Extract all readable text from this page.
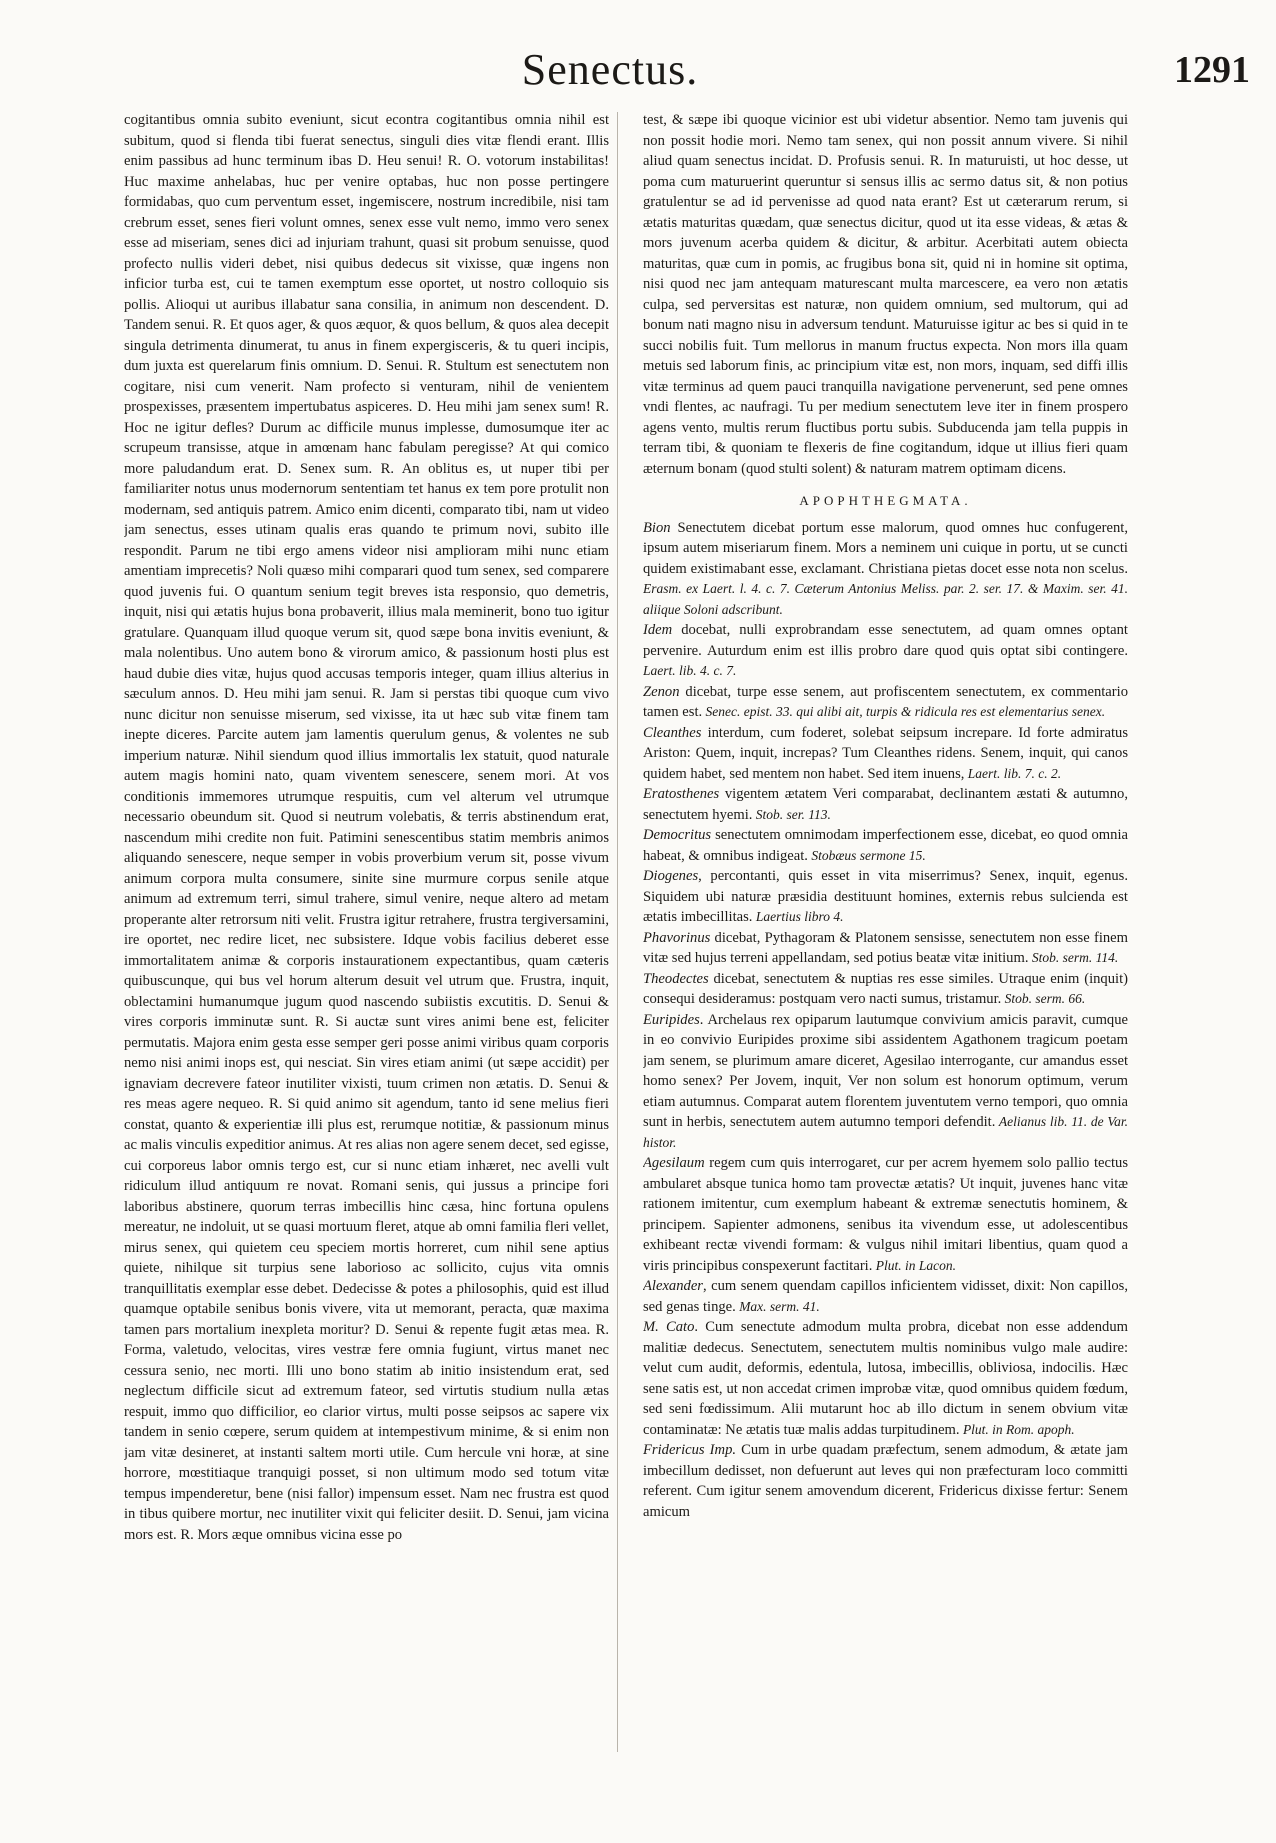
Senectus.	1291

cogitantibus omnia subito eveniunt, sicut econtra cogitantibus omnia nihil est subitum, quod si flenda tibi fuerat senectus, singuli dies vitæ flendi erant. Illis enim passibus ad hunc terminum ibas D. Heu senui! R. O. votorum instabilitas! Huc maxime anhelabas, huc per venire optabas, huc non posse pertingere formidabas, quo cum perventum esset, ingemiscere, nostrum incredibile, nisi tam crebrum esset, senes fieri volunt omnes, senex esse vult nemo, immo vero senex esse ad miseriam, senes dici ad injuriam trahunt, quasi sit probum senuisse, quod profecto nullis videri debet, nisi quibus dedecus sit vixisse, quæ ingens non inficior turba est, cui te tamen exemptum esse oportet, ut nostro colloquio sis pollis. Alioqui ut auribus illabatur sana consilia, in animum non descendent. D. Tandem senui. R. Et quos ager, & quos æquor, & quos bellum, & quos alea decepit singula detrimenta dinumerat, tu anus in finem expergisceris, & tu queri incipis, dum juxta est querelarum finis omnium. D. Senui. R. Stultum est senectutem non cogitare, nisi cum venerit. Nam profecto si venturam, nihil de venientem prospexisses, præsentem impertubatus aspiceres. D. Heu mihi jam senex sum! R. Hoc ne igitur defles? Durum ac difficile munus implesse, dumosumque iter ac scrupeum transisse, atque in amœnam hanc fabulam peregisse? At qui comico more paludandum erat. D. Senex sum. R. An oblitus es, ut nuper tibi per familiariter notus unus modernorum sententiam tet hanus ex tem pore protulit non modernam, sed antiquis patrem. Amico enim dicenti, comparato tibi, nam ut video jam senectus, esses utinam qualis eras quando te primum novi, subito ille respondit. Parum ne tibi ergo amens videor nisi amplioram mihi nunc etiam amentiam imprecetis? Noli quæso mihi comparari quod tum senex, sed comparere quod juvenis fui. O quantum senium tegit breves ista responsio, quo demetris, inquit, nisi qui ætatis hujus bona probaverit, illius mala meminerit, bono tuo igitur gratulare. Quanquam illud quoque verum sit, quod sæpe bona invitis eveniunt, & mala nolentibus. Uno autem bono & virorum amico, & passionum hosti plus est haud dubie dies vitæ, hujus quod accusas temporis integer, quam illius alterius in sæculum annos. D. Heu mihi jam senui. R. Jam si perstas tibi quoque cum vivo nunc dicitur non senuisse miserum, sed vixisse, ita ut hæc sub vitæ finem tam inepte diceres. Parcite autem jam lamentis querulum genus, & volentes ne sub imperium naturæ. Nihil siendum quod illius immortalis lex statuit, quod naturale autem magis homini nato, quam viventem senescere, senem mori. At vos conditionis immemores utrumque respuitis, cum vel alterum vel utrumque necessario obeundum sit. Quod si neutrum volebatis, & terris abstinendum erat, nascendum mihi credite non fuit. Patimini senescentibus statim membris animos aliquando senescere, neque semper in vobis proverbium verum sit, posse vivum animum corpora multa consumere, sinite sine murmure corpus senile atque animum ad extremum terri, simul trahere, simul venire, neque altero ad metam properante alter retrorsum niti velit. Frustra igitur retrahere, frustra tergiversamini, ire oportet, nec redire licet, nec subsistere. Idque vobis facilius deberet esse immortalitatem animæ & corporis instaurationem expectantibus, quam cæteris quibuscunque, qui bus vel horum alterum desuit vel utrum que. Frustra, inquit, oblectamini humanumque jugum quod nascendo subiistis excutitis. D. Senui & vires corporis imminutæ sunt. R. Si auctæ sunt vires animi bene est, feliciter permutatis. Majora enim gesta esse semper geri posse animi viribus quam corporis nemo nisi animi inops est, qui nesciat. Sin vires etiam animi (ut sæpe accidit) per ignaviam decrevere fateor inutiliter vixisti, tuum crimen non ætatis. D. Senui & res meas agere nequeo. R. Si quid animo sit agendum, tanto id sene melius fieri constat, quanto & experientiæ illi plus est, rerumque notitiæ, & passionum minus ac malis vinculis expeditior animus. At res alias non agere senem decet, sed egisse, cui corporeus labor omnis tergo est, cur si nunc etiam inhæret, nec avelli vult ridiculum illud antiquum re novat. Romani senis, qui jussus a principe fori laboribus abstinere, quorum terras imbecillis hinc cæsa, hinc fortuna opulens mereatur, ne indoluit, ut se quasi mortuum fleret, atque ab omni familia fleri vellet, mirus senex, qui quietem ceu speciem mortis horreret, cum nihil sene aptius quiete, nihilque sit turpius sene laborioso ac sollicito, cujus vita omnis tranquillitatis exemplar esse debet. Dedecisse & potes a philosophis, quid est illud quamque optabile senibus bonis vivere, vita ut memorant, peracta, quæ maxima tamen pars mortalium inexpleta moritur? D. Senui & repente fugit ætas mea. R. Forma, valetudo, velocitas, vires vestræ fere omnia fugiunt, virtus manet nec cessura senio, nec morti. Illi uno bono statim ab initio insistendum erat, sed neglectum difficile sicut ad extremum fateor, sed virtutis studium nulla ætas respuit, immo quo difficilior, eo clarior virtus, multi posse seipsos ac sapere vix tandem in senio cœpere, serum quidem at intempestivum minime, & si enim non jam vitæ desineret, at instanti saltem morti utile. Cum hercule vni horæ, at sine horrore, mœstitiaque tranquigi posset, si non ultimum modo sed totum vitæ tempus impenderetur, bene (nisi fallor) impensum esset. Nam nec frustra est quod in tibus quibere mortur, nec inutiliter vixit qui feliciter desiit. D. Senui, jam vicina mors est. R. Mors æque omnibus vicina esse po

test, & sæpe ibi quoque vicinior est ubi videtur absentior. Nemo tam juvenis qui non possit hodie mori. Nemo tam senex, qui non possit annum vivere. Si nihil aliud quam senectus incidat. D. Profusis senui. R. In maturuisti, ut hoc desse, ut poma cum maturuerint queruntur si sensus illis ac sermo datus sit, & non potius gratulentur se ad id pervenisse ad quod nata erant? Est ut cæterarum rerum, si ætatis maturitas quædam, quæ senectus dicitur, quod ut ita esse videas, & ætas & mors juvenum acerba quidem & dicitur, & arbitur. Acerbitati autem obiecta maturitas, quæ cum in pomis, ac frugibus bona sit, quid ni in homine sit optima, nisi quod nec jam antequam maturescant multa marcescere, ea vero non ætatis culpa, sed perversitas est naturæ, non quidem omnium, sed multorum, qui ad bonum nati magno nisu in adversum tendunt. Maturuisse igitur ac bes si quid in te succi nobilis fuit. Tum mellorus in manum fructus expecta. Non mors illa quam metuis sed laborum finis, ac principium vitæ est, non mors, inquam, sed diffi illis vitæ terminus ad quem pauci tranquilla navigatione pervenerunt, sed pene omnes vndi flentes, ac naufragi. Tu per medium senectutem leve iter in finem prospero agens vento, multis rerum fluctibus portu subis. Subducenda jam tella puppis in terram tibi, & quoniam te flexeris de fine cogitandum, idque ut illius fieri quam æternum bonam (quod stulti solent) & naturam matrem optimam dicens.

APOPHTHEGMATA.

Bion Senectutem dicebat portum esse malorum, quod omnes huc confugerent, ipsum autem miseriarum finem. Mors a neminem uni cuique in portu, ut se cuncti quidem existimabant esse, exclamant. Christiana pietas docet esse nota non scelus. Erasm. ex Laert. l. 4. c. 7. Cæterum Antonius Meliss. par. 2. ser. 17. & Maxim. ser. 41. aliique Soloni adscribunt.

Idem docebat, nulli exprobrandam esse senectutem, ad quam omnes optant pervenire. Auturdum enim est illis probro dare quod quis optat sibi contingere. Laert. lib. 4. c. 7.

Zenon dicebat, turpe esse senem, aut profiscentem senectutem, ex commentario tamen est. Senec. epist. 33. qui alibi ait, turpis & ridicula res est elementarius senex.

Cleanthes interdum, cum foderet, solebat seipsum increpare. Id forte admiratus Ariston: Quem, inquit, increpas? Tum Cleanthes ridens. Senem, inquit, qui canos quidem habet, sed mentem non habet. Sed item inuens, Laert. lib. 7. c. 2.

Eratosthenes vigentem ætatem Veri comparabat, declinantem æstati & autumno, senectutem hyemi. Stob. ser. 113.

Democritus senectutem omnimodam imperfectionem esse, dicebat, eo quod omnia habeat, & omnibus indigeat. Stobæus sermone 15.

Diogenes, percontanti, quis esset in vita miserrimus? Senex, inquit, egenus. Siquidem ubi naturæ præsidia destituunt homines, externis rebus sulcienda est ætatis imbecillitas. Laertius libro 4.

Phavorinus dicebat, Pythagoram & Platonem sensisse, senectutem non esse finem vitæ sed hujus terreni appellandam, sed potius beatæ vitæ initium. Stob. serm. 114.

Theodectes dicebat, senectutem & nuptias res esse similes. Utraque enim (inquit) consequi desideramus: postquam vero nacti sumus, tristamur. Stob. serm. 66.

Euripides. Archelaus rex opiparum lautumque convivium amicis paravit, cumque in eo convivio Euripides proxime sibi assidentem Agathonem tragicum poetam jam senem, se plurimum amare diceret, Agesilao interrogante, cur amandus esset homo senex? Per Jovem, inquit, Ver non solum est honorum optimum, verum etiam autumnus. Comparat autem florentem juventutem verno tempori, quo omnia sunt in herbis, senectutem autem autumno tempori defendit. Aelianus lib. 11. de Var. histor.

Agesilaum regem cum quis interrogaret, cur per acrem hyemem solo pallio tectus ambularet absque tunica homo tam provectæ ætatis? Ut inquit, juvenes hanc vitæ rationem imitentur, cum exemplum habeant & extremæ senectutis hominem, & principem. Sapienter admonens, senibus ita vivendum esse, ut adolescentibus exhibeant rectæ vivendi formam: & vulgus nihil imitari libentius, quam quod a viris principibus conspexerunt factitari. Plut. in Lacon.

Alexander, cum senem quendam capillos inficientem vidisset, dixit: Non capillos, sed genas tinge. Max. serm. 41.

M. Cato. Cum senectute admodum multa probra, dicebat non esse addendum malitiæ dedecus. Senectutem, senectutem multis nominibus vulgo male audire: velut cum audit, deformis, edentula, lutosa, imbecillis, obliviosa, indocilis. Hæc sene satis est, ut non accedat crimen improbæ vitæ, quod omnibus quidem fœdum, sed seni fœdissimum. Alii mutarunt hoc ab illo dictum in senem obvium vitæ contaminatæ: Ne ætatis tuæ malis addas turpitudinem. Plut. in Rom. apoph.

Fridericus Imp. Cum in urbe quadam præfectum, senem admodum, & ætate jam imbecillum dedisset, non defuerunt aut leves qui non præfecturam loco committi referent. Cum igitur senem amovendum dicerent, Fridericus dixisse fertur: Senem amicum
